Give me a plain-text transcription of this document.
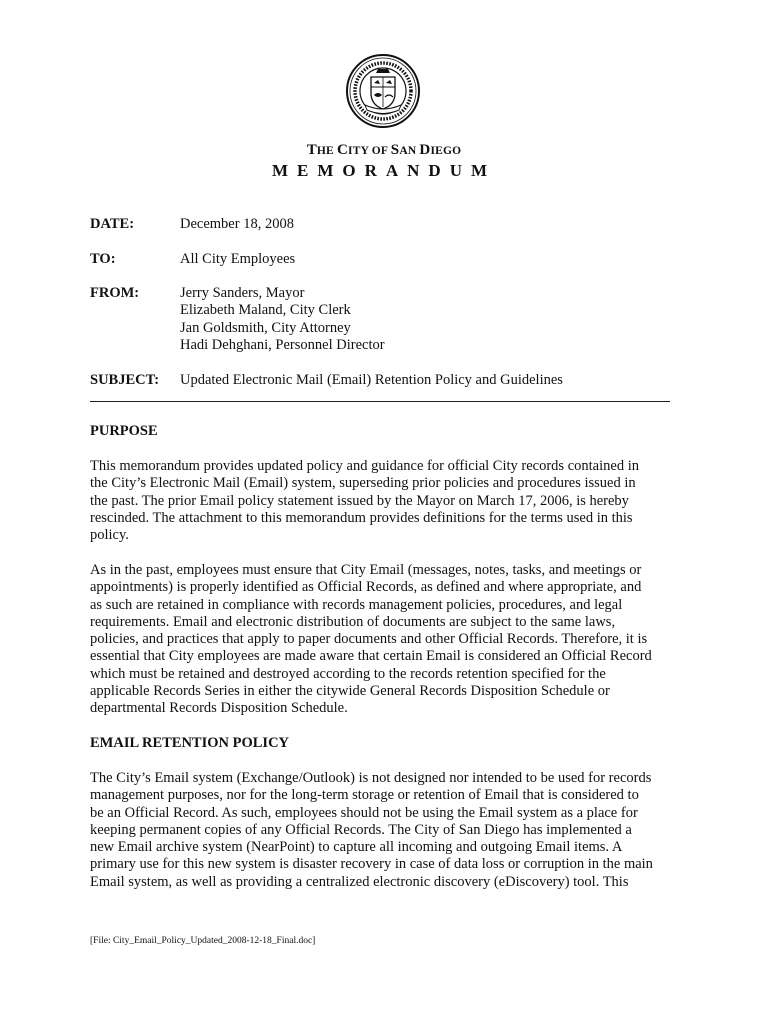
THE CITY OF SAN DIEGO
MEMORANDUM
DATE:	December 18, 2008
TO:	All City Employees
FROM:	Jerry Sanders, Mayor
Elizabeth Maland, City Clerk
Jan Goldsmith, City Attorney
Hadi Dehghani, Personnel Director
SUBJECT:	Updated Electronic Mail (Email) Retention Policy and Guidelines
PURPOSE
This memorandum provides updated policy and guidance for official City records contained in
the City’s Electronic Mail (Email) system, superseding prior policies and procedures issued in
the past. The prior Email policy statement issued by the Mayor on March 17, 2006, is hereby
rescinded. The attachment to this memorandum provides definitions for the terms used in this
policy.
As in the past, employees must ensure that City Email (messages, notes, tasks, and meetings or
appointments) is properly identified as Official Records, as defined and where appropriate, and
as such are retained in compliance with records management policies, procedures, and legal
requirements. Email and electronic distribution of documents are subject to the same laws,
policies, and practices that apply to paper documents and other Official Records. Therefore, it is
essential that City employees are made aware that certain Email is considered an Official Record
which must be retained and destroyed according to the records retention specified for the
applicable Records Series in either the citywide General Records Disposition Schedule or
departmental Records Disposition Schedule.
EMAIL RETENTION POLICY
The City’s Email system (Exchange/Outlook) is not designed nor intended to be used for records
management purposes, nor for the long-term storage or retention of Email that is considered to
be an Official Record. As such, employees should not be using the Email system as a place for
keeping permanent copies of any Official Records. The City of San Diego has implemented a
new Email archive system (NearPoint) to capture all incoming and outgoing Email items. A
primary use for this new system is disaster recovery in case of data loss or corruption in the main
Email system, as well as providing a centralized electronic discovery (eDiscovery) tool. This
[File: City_Email_Policy_Updated_2008-12-18_Final.doc]
